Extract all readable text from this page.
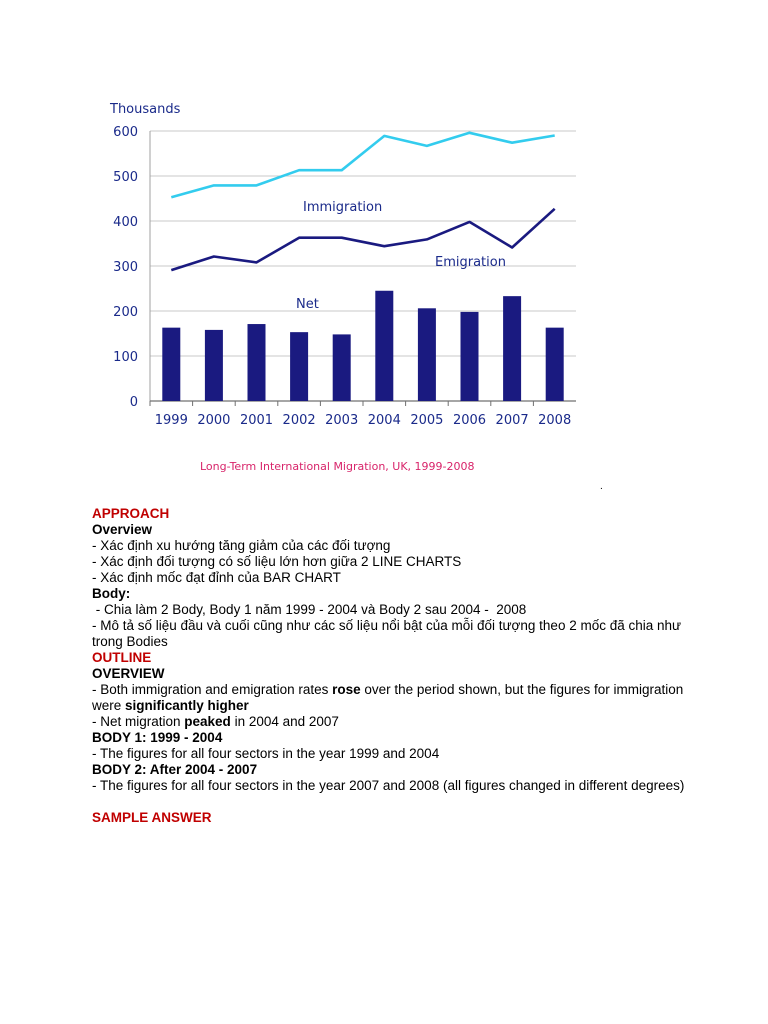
1999 2000 2001 2002 2003 2004 2005 2006 2007 2008
0
100
200
300
400
500
600
Thousands
Immigration
Emigration
Net
Long-Term International Migration, UK, 1999-2008
.

APPROACH

Overview

- Xác định xu hướng tăng giảm của các đối tượng

- Xác định đối tượng có số liệu lớn hơn giữa 2 LINE CHARTS

- Xác định mốc đạt đỉnh của BAR CHART

Body:

- Chia làm 2 Body, Body 1 năm 1999 - 2004 và Body 2 sau 2004 -  2008

- Mô tả số liệu đầu và cuối cũng như các số liệu nổi bật của mỗi đối tượng theo 2 mốc đã chia như trong Bodies

OUTLINE

OVERVIEW

- Both immigration and emigration rates rose over the period shown, but the figures for immigration were significantly higher

- Net migration peaked in 2004 and 2007

BODY 1: 1999 - 2004

- The figures for all four sectors in the year 1999 and 2004

BODY 2: After 2004 - 2007

- The figures for all four sectors in the year 2007 and 2008 (all figures changed in different degrees)

SAMPLE ANSWER
